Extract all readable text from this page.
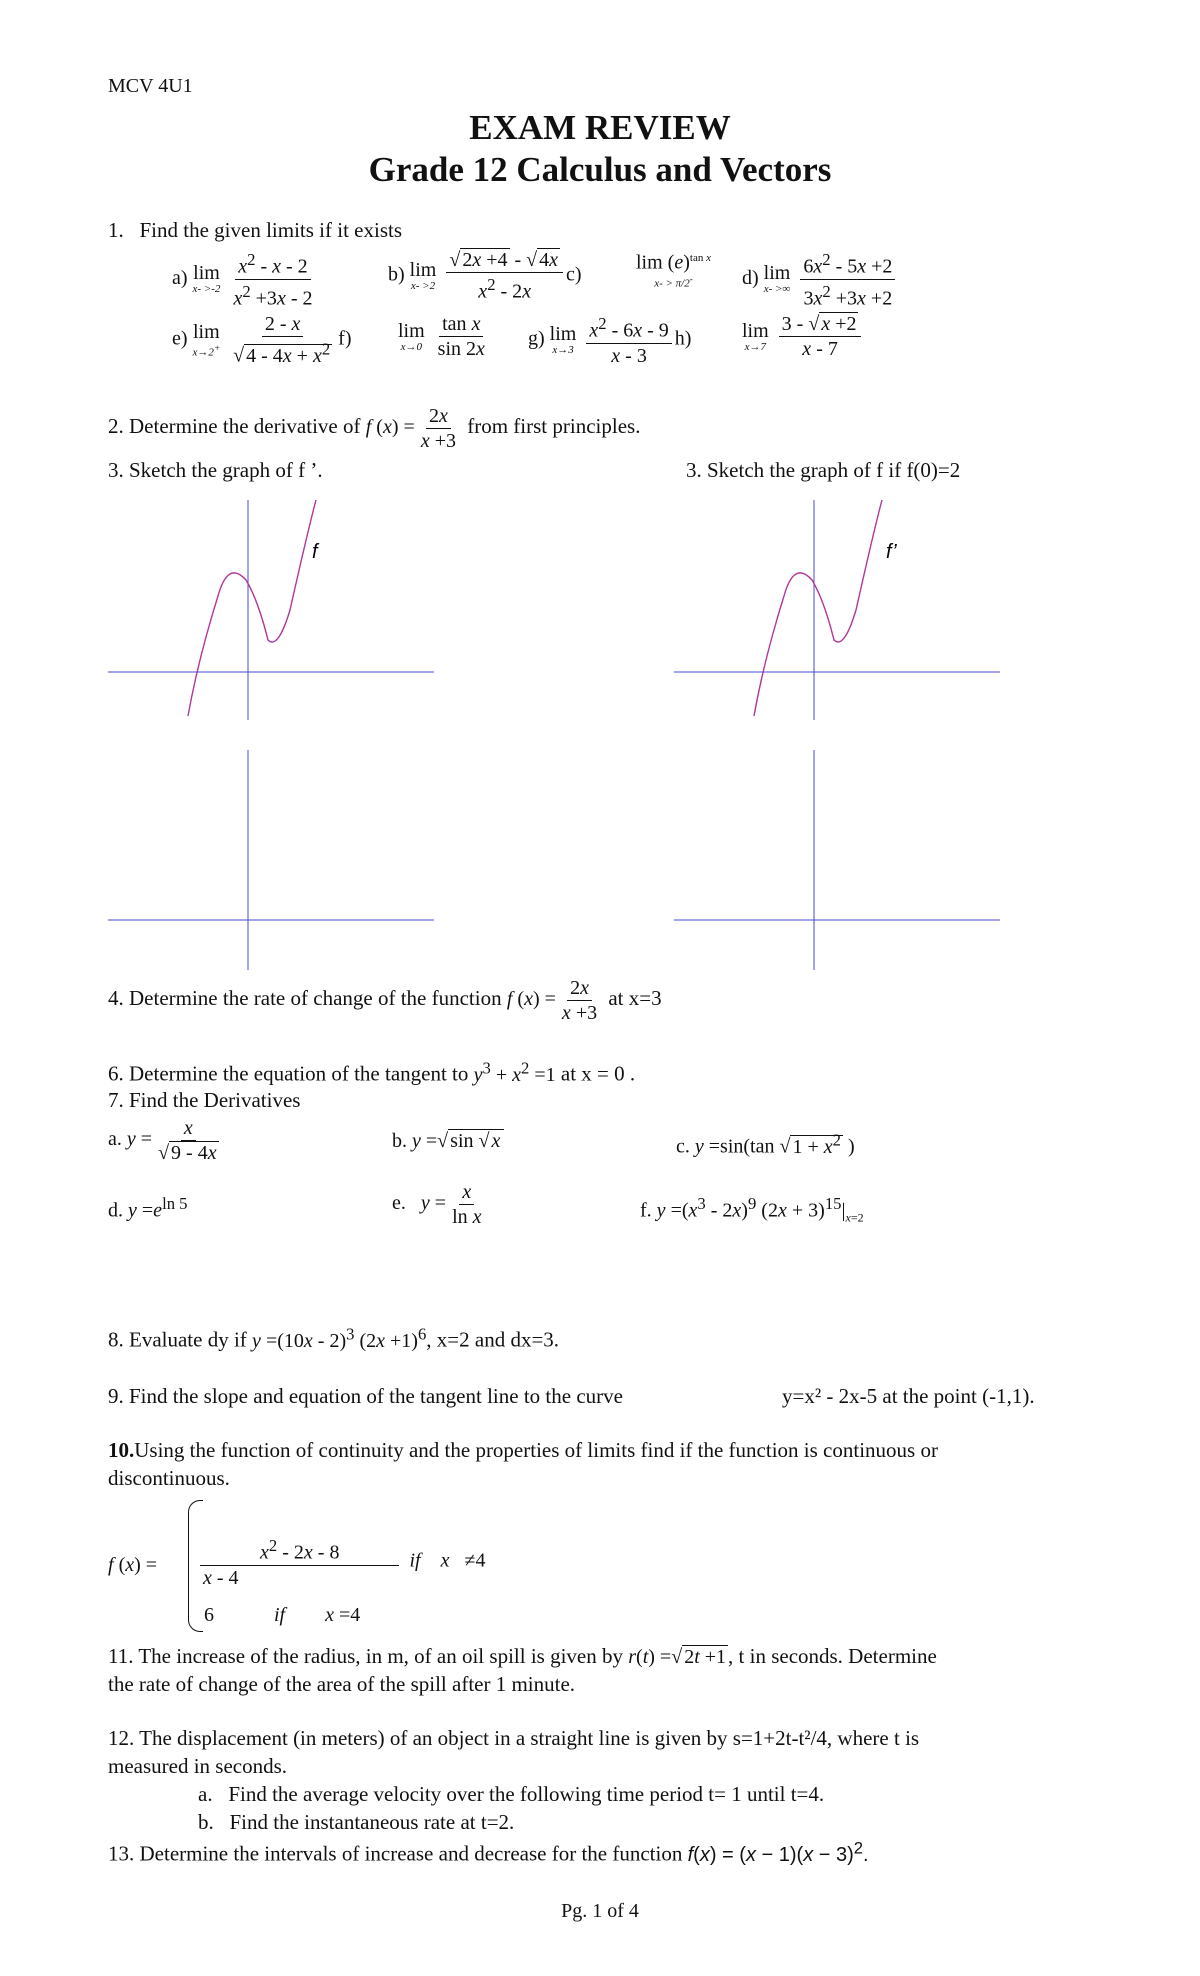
MCV 4U1
EXAM REVIEW
Grade 12 Calculus and Vectors
1. Find the given limits if it exists
a) lim
x- >-2
$\frac{x^2 - x - 2}{x^2 +3x - 2}$	b) lim
x- >2
$\frac{√ 2x +4 - √ 4x}{x^2 - 2x} c$)
$\lim (e)^{tan x}$
x- > π/2- d) lim
x- >∞
$\frac{6x^2 - 5x +2}{3x^2 +3x +2}$
e) lim
x→2+
$\frac{2 - x}{√ 4 - 4x + x^2} f$) lim
x→0
$\frac{\text{tan x}}{\sin 2x} g$) lim
x→3
$\frac{x^2 - 6x - 9}{x - 3} h$)	lim
x→7
$\frac{3 - √ x +2}{x - 7}$
2. Determine the derivative of f $(x) = \frac{2x}{x +3}$ from first principles.
3. Sketch the graph of f ’.	3. Sketch the graph of f if f(0)=2
f	f’
4. Determine the rate of change of the function f $(x) = \frac{2x}{x +3}$ at x=3
6. Determine the equation of the tangent to $y^3 + x^2 =1$ at x = 0 .
7. Find the Derivatives
a. $y = \frac{x}{√ 9 - 4x}$	b. y =√ sin √ x	c. y =sin(tan √ $1 + x^2$ )
d. $y =e^{ln 5}$	e.   $y = \frac{x}{\text{ln x}}$	f. $y =(x^3 - 2x)^9$ $(2x + 3)^{15}|_{x=2}$
8. Evaluate dy if y =(10x - 2)$^3$ $(2x +1)^6$, x=2 and dx=3.
9. Find the slope and equation of the tangent line to the curve	y=x² - 2x-5 at the point (-1,1).
10.Using the function of continuity and the properties of limits find if the function is continuous or
discontinuous.
f $(x) = \frac{x^2 - 2x - 8}{x - 4}$ if x   ≠4
6            if x =4
11. The increase of the radius, in m, of an oil spill is given by r(t) =√ 2t +1, t in seconds. Determine
the rate of change of the area of the spill after 1 minute.
12. The displacement (in meters) of an object in a straight line is given by s=1+2t-t²/4, where t is
measured in seconds.
a.   Find the average velocity over the following time period t= 1 until t=4.
b.   Find the instantaneous rate at t=2.
13. Determine the intervals of increase and decrease for the function $f(x) = (x - 1)(x - 3)^2$.
Pg. 1 of 4
